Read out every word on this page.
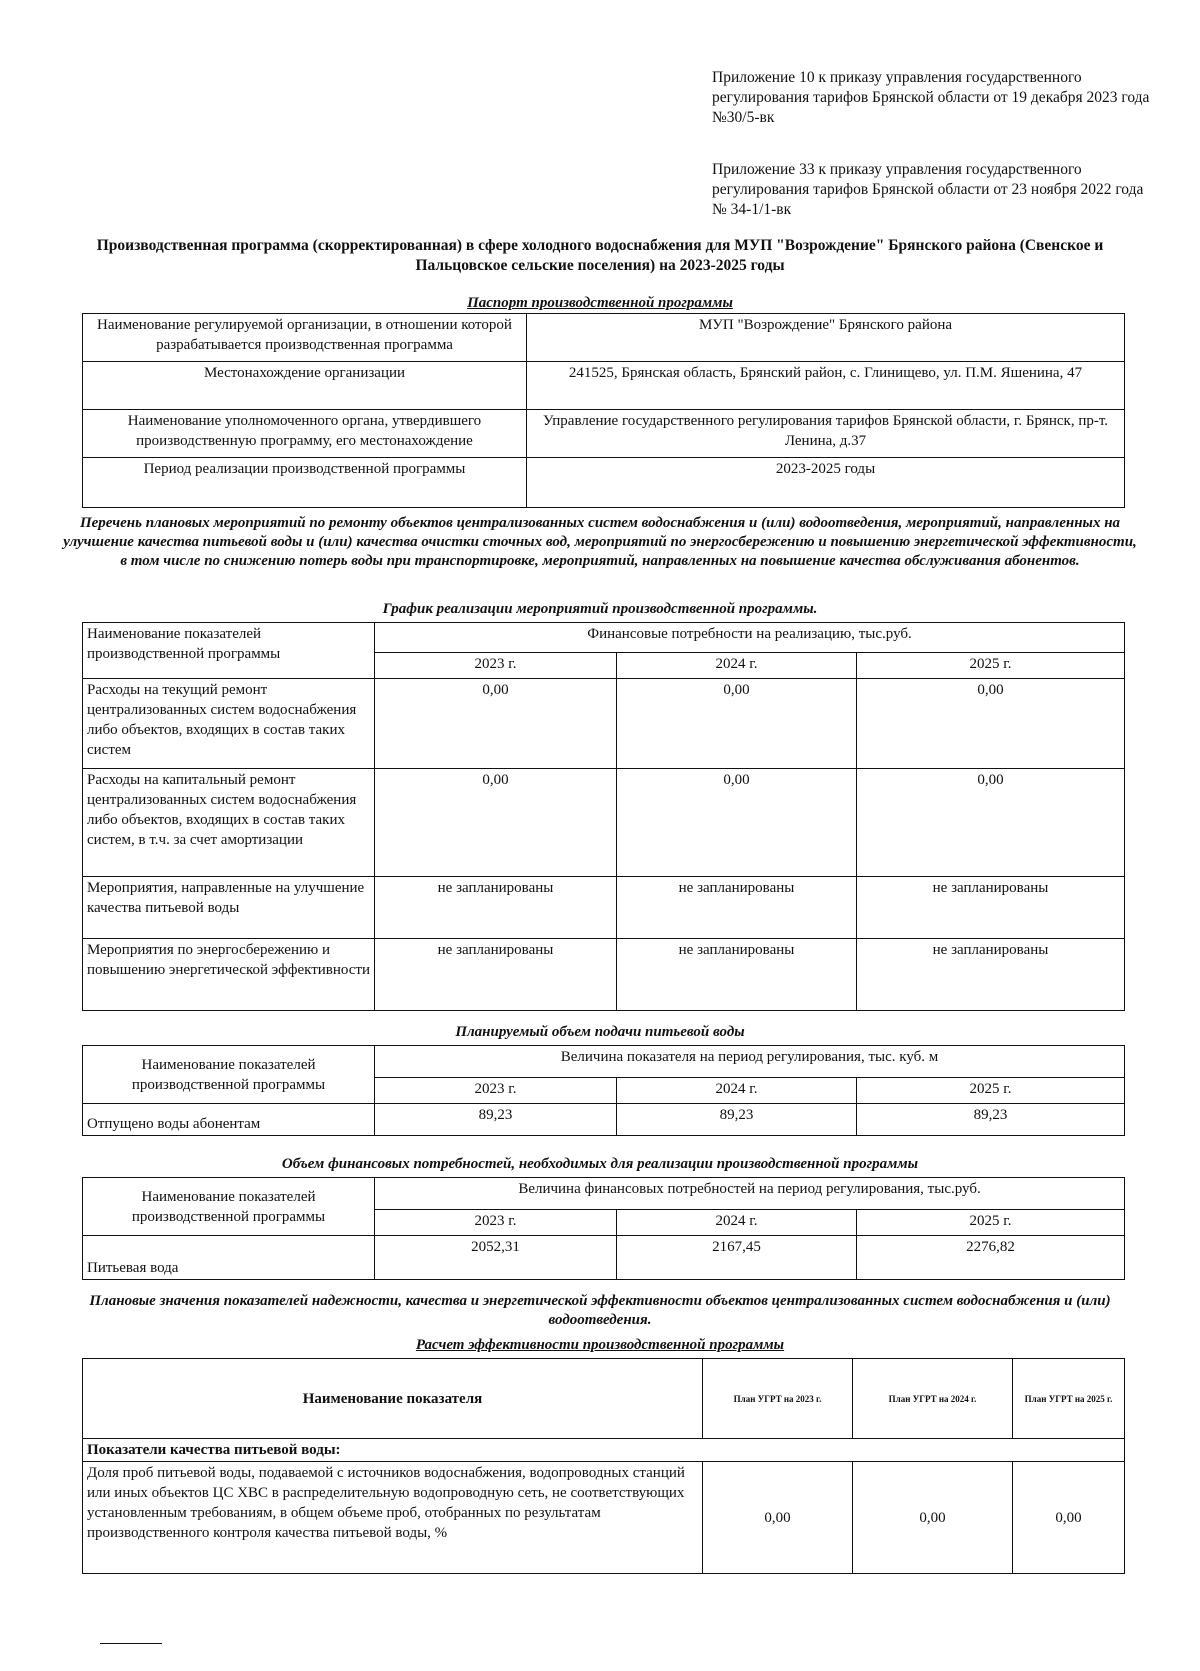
Приложение 10 к приказу управления государственного регулирования тарифов Брянской области от 19 декабря 2023 года №30/5-вк
Приложение 33 к приказу управления государственного регулирования тарифов Брянской области от 23 ноября 2022 года № 34-1/1-вк
Производственная программа (скорректированная) в сфере холодного водоснабжения для МУП "Возрождение" Брянского района (Свенское и Пальцовское сельские поселения) на 2023-2025 годы
Паспорт производственной программы
Наименование регулируемой организации, в отношении которой разрабатывается производственная программа	МУП "Возрождение" Брянского района
Местонахождение организации	241525, Брянская область, Брянский район, с. Глинищево, ул. П.М. Яшенина, 47
Наименование уполномоченного органа, утвердившего производственную программу, его местонахождение	Управление государственного регулирования тарифов Брянской области, г. Брянск, пр-т. Ленина, д.37
Период реализации производственной программы	2023-2025 годы
Перечень плановых мероприятий по ремонту объектов централизованных систем водоснабжения и (или) водоотведения, мероприятий, направленных на улучшение качества питьевой воды и (или) качества очистки сточных вод, мероприятий по энергосбережению и повышению энергетической эффективности, в том числе по снижению потерь воды при транспортировке, мероприятий, направленных на повышение качества обслуживания абонентов.
График реализации мероприятий производственной программы.
Наименование показателей производственной программы	Финансовые потребности на реализацию, тыс.руб.		
	2023 г.	2024 г.	2025 г.
Расходы на текущий ремонт централизованных систем водоснабжения либо объектов, входящих в состав таких систем	0,00	0,00	0,00
Расходы на капитальный ремонт централизованных систем водоснабжения либо объектов, входящих в состав таких систем, в т.ч. за счет амортизации	0,00	0,00	0,00
Мероприятия, направленные на улучшение качества питьевой воды	не запланированы	не запланированы	не запланированы
Мероприятия по энергосбережению и повышению энергетической эффективности	не запланированы	не запланированы	не запланированы
Планируемый объем подачи питьевой воды
Наименование показателей производственной программы	Величина показателя на период регулирования, тыс. куб. м		
	2023 г.	2024 г.	2025 г.
Отпущено воды абонентам	89,23	89,23	89,23
Объем финансовых потребностей, необходимых для реализации производственной программы
Наименование показателей производственной программы	Величина финансовых потребностей на период регулирования, тыс.руб.		
	2023 г.	2024 г.	2025 г.
Питьевая вода	2052,31	2167,45	2276,82
Плановые значения показателей надежности, качества и энергетической эффективности объектов централизованных систем водоснабжения и (или) водоотведения.
Расчет эффективности производственной программы
Наименование показателя	План УГРТ на 2023 г.	План УГРТ на 2024 г.	План УГРТ на 2025 г.
Показатели качества питьевой воды:			
Доля проб питьевой воды, подаваемой с источников водоснабжения, водопроводных станций или иных объектов ЦС ХВС в распределительную водопроводную сеть, не соответствующих установленным требованиям, в общем объеме проб, отобранных по результатам производственного контроля качества питьевой воды, %	0,00	0,00	0,00
